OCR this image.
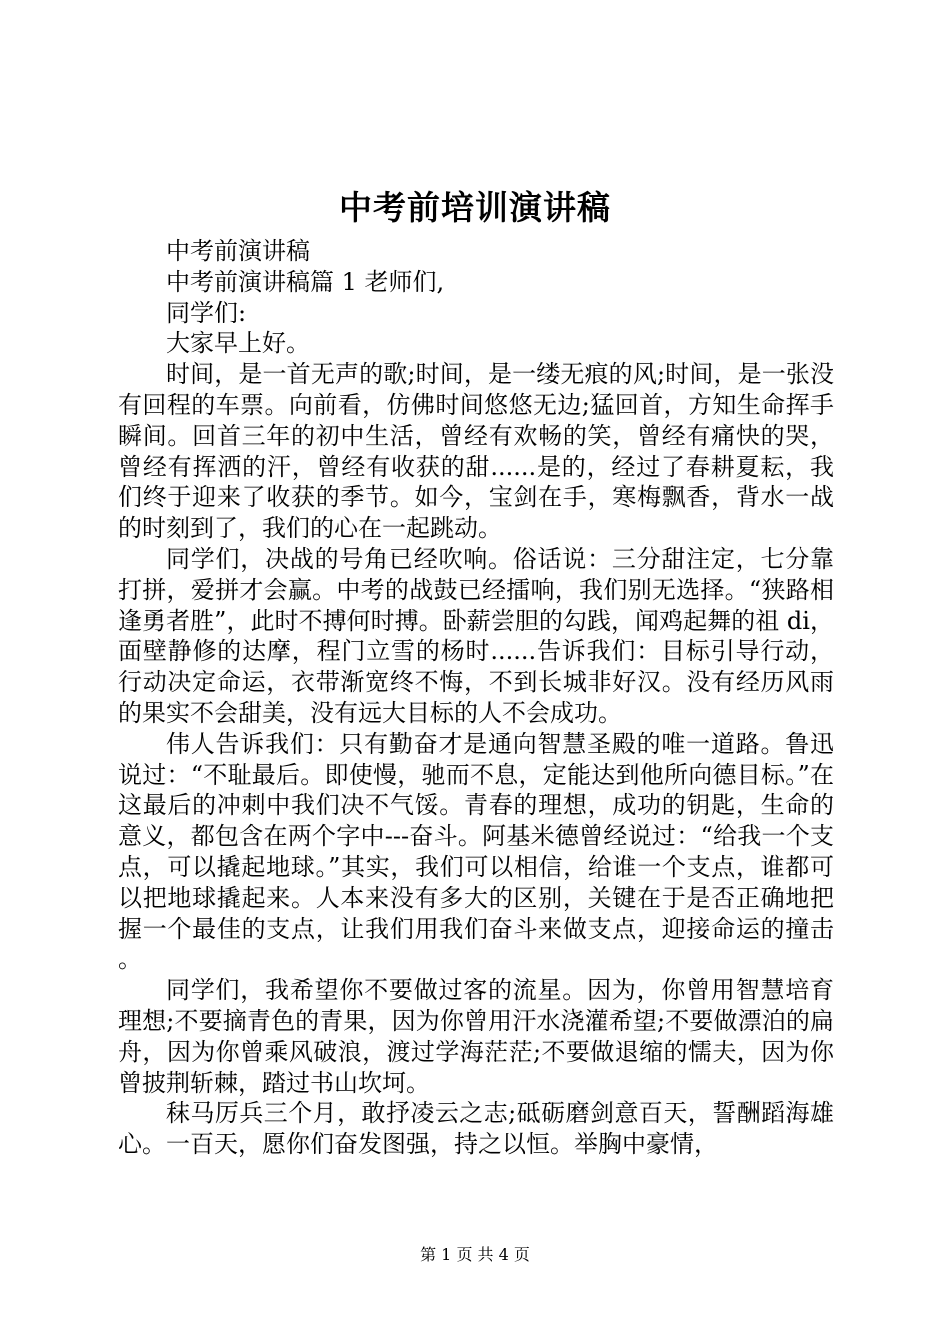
中考前培训演讲稿

中考前演讲稿

中考前演讲稿篇 1 老师们,

同学们:

大家早上好。

时间，是一首无声的歌;时间，是一缕无痕的风;时间，是一张没有回程的车票。向前看，仿佛时间悠悠无边;猛回首，方知生命挥手瞬间。回首三年的初中生活，曾经有欢畅的笑，曾经有痛快的哭，曾经有挥洒的汗，曾经有收获的甜......是的，经过了春耕夏耘，我们终于迎来了收获的季节。如今，宝剑在手，寒梅飘香，背水一战的时刻到了，我们的心在一起跳动。

同学们，决战的号角已经吹响。俗话说：三分甜注定，七分靠打拼，爱拼才会赢。中考的战鼓已经擂响，我们别无选择。“狭路相逢勇者胜”，此时不搏何时搏。卧薪尝胆的勾践，闻鸡起舞的祖 di，面壁静修的达摩，程门立雪的杨时......告诉我们：目标引导行动，行动决定命运，衣带渐宽终不悔，不到长城非好汉。没有经历风雨的果实不会甜美，没有远大目标的人不会成功。

伟人告诉我们：只有勤奋才是通向智慧圣殿的唯一道路。鲁迅说过：“不耻最后。即使慢，驰而不息，定能达到他所向德目标。”在这最后的冲刺中我们决不气馁。青春的理想，成功的钥匙，生命的意义，都包含在两个字中---奋斗。阿基米德曾经说过：“给我一个支点，可以撬起地球。”其实，我们可以相信，给谁一个支点，谁都可以把地球撬起来。人本来没有多大的区别，关键在于是否正确地把握一个最佳的支点，让我们用我们奋斗来做支点，迎接命运的撞击。

同学们，我希望你不要做过客的流星。因为，你曾用智慧培育理想;不要摘青色的青果，因为你曾用汗水浇灌希望;不要做漂泊的扁舟，因为你曾乘风破浪，渡过学海茫茫;不要做退缩的懦夫，因为你曾披荆斩棘，踏过书山坎坷。

秣马厉兵三个月，敢抒凌云之志;砥砺磨剑意百天，誓酬蹈海雄心。一百天，愿你们奋发图强，持之以恒。举胸中豪情，

第 1 页 共 4 页
